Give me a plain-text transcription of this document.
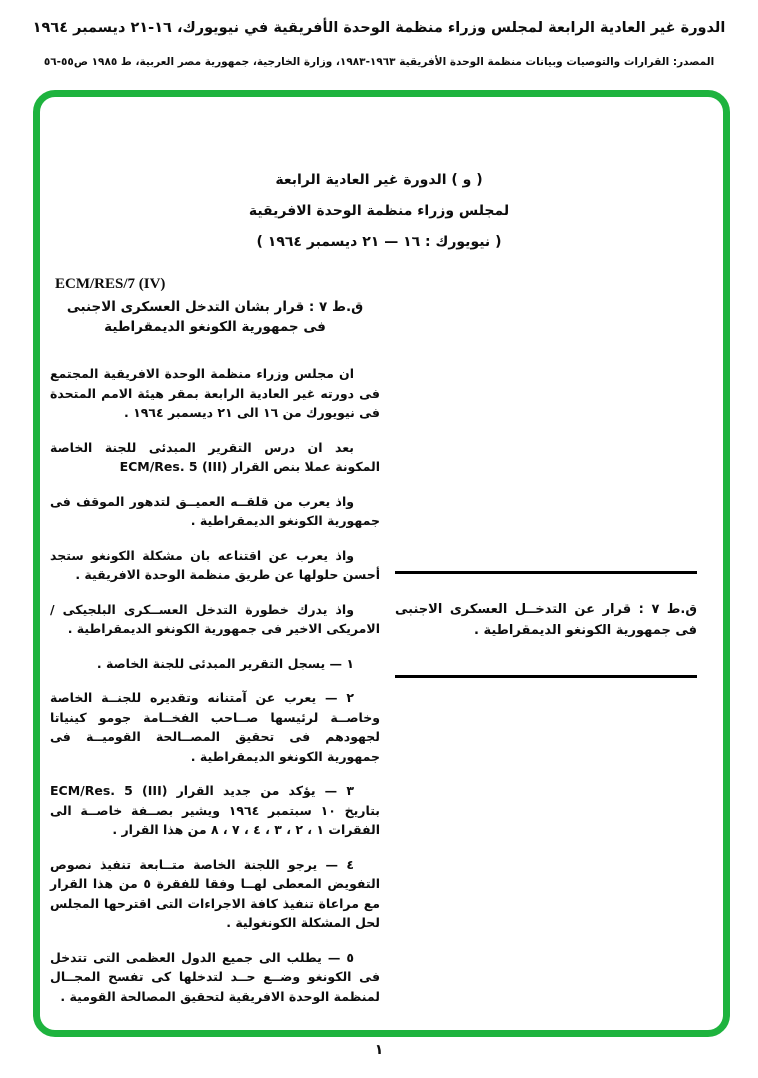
الدورة غير العادية الرابعة لمجلس وزراء منظمة الوحدة الأفريقية في نيويورك، ١٦-٢١ ديسمبر ١٩٦٤
المصدر: القرارات والتوصيات وبيانات منظمة الوحدة الأفريقية ١٩٦٣-١٩٨٣، وزارة الخارجية، جمهورية مصر العربية، ط ١٩٨٥ ص٥٥-٥٦
( و ) الدورة غير العادية الرابعة
لمجلس وزراء منظمة الوحدة الافريقية
( نيويورك : ١٦ — ٢١ ديسمبر ١٩٦٤ )
ECM/RES/7 (IV)
ق.ط ٧ : قرار بشان التدخل العسكرى الاجنبى
فى جمهورية الكونغو الديمقراطية
ان مجلس وزراء منظمة الوحدة الافريقية المجتمع فى دورته غير العادية الرابعة بمقر هيئة الامم المتحدة فى نيويورك من ١٦ الى ٢١ ديسمبر ١٩٦٤ .
بعد ان درس التقرير المبدئى للجنة الخاصة المكونة عملا بنص القرار ⁦ECM/Res. 5 (III)⁩
واذ يعرب من قلقــه العميــق لتدهور الموقف فى جمهورية الكونغو الديمقراطية .
واذ يعرب عن اقتناعه بان مشكلة الكونغو ستجد أحسن حلولها عن طريق منظمة الوحدة الافريقية .
واذ يدرك خطورة التدخل العســكرى البلجيكى / الامريكى الاخير فى جمهورية الكونغو الديمقراطية .
١ — يسجل التقرير المبدئى للجنة الخاصة .
٢ — يعرب عن آمتنانه وتقديره للجنــة الخاصة وخاصــة لرئيسها صــاحب الفخــامة جومو كينياتا لجهودهم فى تحقيق المصــالحة القوميــة فى جمهورية الكونغو الديمقراطية .
٣ — يؤكد من جديد القرار ⁦ECM/Res. 5 (III)⁩ بتاريخ ١٠ سبتمبر ١٩٦٤ ويشير بصــفة خاصــة الى الفقرات ١ ، ٢ ، ٣ ، ٤ ، ٧ ، ٨ من هذا القرار .
٤ — يرجو اللجنة الخاصة متــابعة تنفيذ نصوص التفويض المعطى لهــا وفقا للفقرة ٥ من هذا القرار مع مراعاة تنفيذ كافة الاجراءات التى اقترحها المجلس لحل المشكلة الكونغولية .
٥ — يطلب الى جميع الدول العظمى التى تتدخل فى الكونغو وضــع حــد لتدخلها كى تفسح المجــال لمنظمة الوحدة الافريقية لتحقيق المصالحة القومية .
ق.ط ٧ : قرار عن التدخــل العسكرى الاجنبى فى جمهورية الكونغو الديمقراطية .
١
